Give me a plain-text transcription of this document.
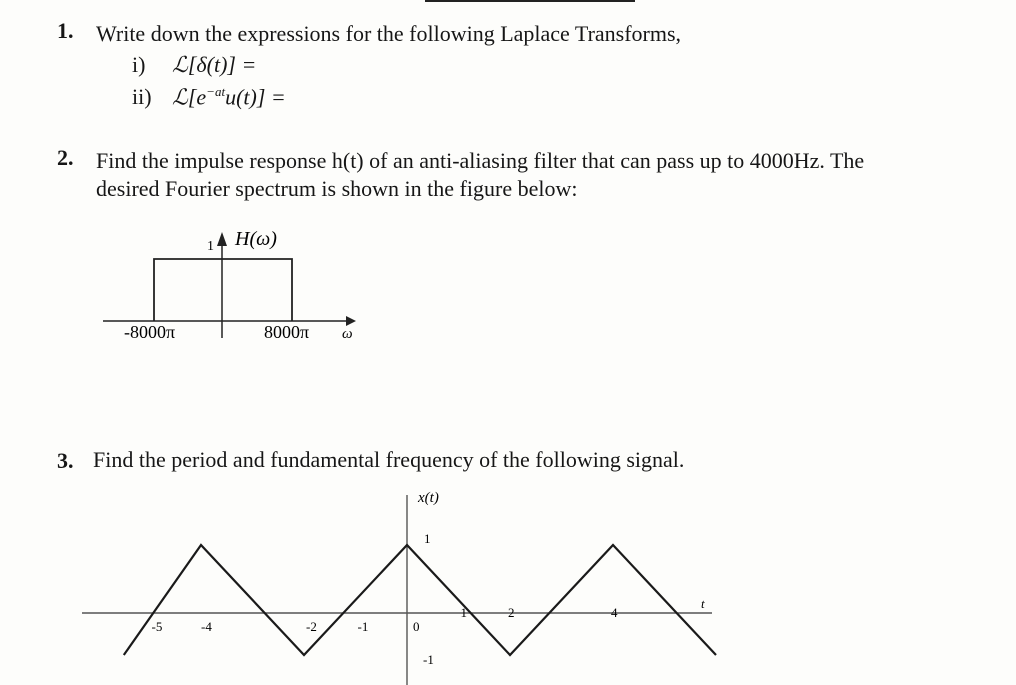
1. Write down the expressions for the following Laplace Transforms,
i) ℒ[δ(t)] =
ii) $ℒ[e^{-at}u(t)]$ =
2. Find the impulse response h(t) of an anti-aliasing filter that can pass up to 4000Hz. The
desired Fourier spectrum is shown in the figure below:
H(ω)
1
-8000π	8000π ω
3. Find the period and fundamental frequency of the following signal.
x(t)
1
-1
t
-5	-4	-2	-1	0
1	2	4
